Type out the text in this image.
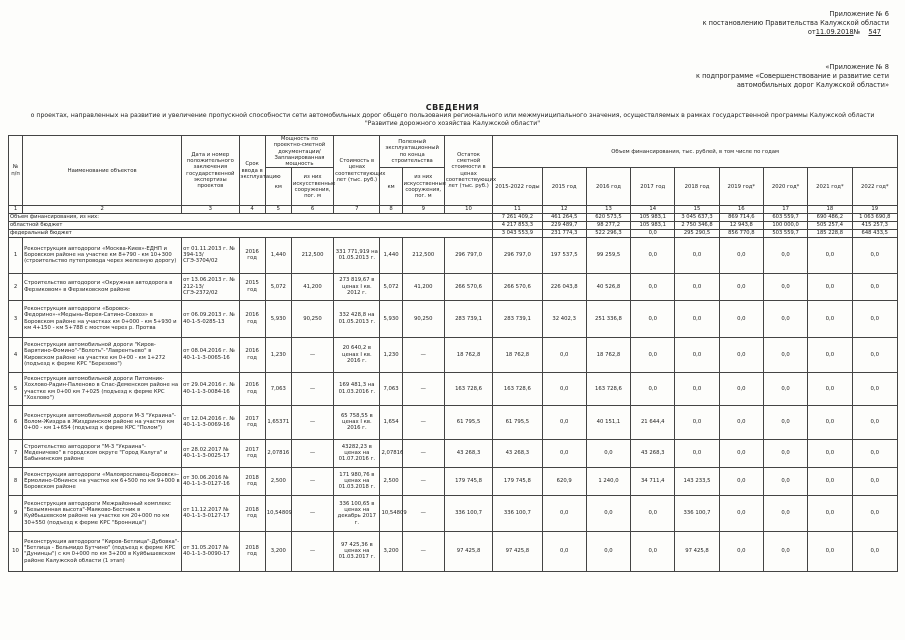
Приложение № 6
к постановлению Правительства Калужской области
от11.09.2018№ 547
«Приложение № 8
к подпрограмме «Совершенствование и развитие сети
автомобильных дорог Калужской области»
СВЕДЕНИЯ
о проектах, направленных на развитие и увеличение пропускной способности сети автомобильных дорог общего пользования регионального или межмуниципального значения, осуществляемых в рамках государственной программы Калужской области
"Развитие дорожного хозяйства Калужской области"
№ п/п	Наименование объектов	Дата и номер положительного заключения государственной экспертизы проектов	Срок ввода в эксплуатацию	Мощность по проектно-сметной документации/ Запланированная мощность		Стоимость в ценах соответствующих лет (тыс. руб.)	Полезный эксплуатационный по конца строительства		Остаток сметной стоимости в ценах соответствующих лет (тыс. руб.)	Объем финансирования, тыс. рублей, в том числе по годам								
				км	из них искусственные сооружения, пог. м		км	из них искусственные сооружения, пог. м		2015-2022 годы	2015 год	2016 год	2017 год	2018 год	2019 год*	2020 год*	2021 год*	2022 год*
1	2	3	4	5	6	7	8	9	10	11	12	13	14	15	16	17	18	19
Объем финансирования, из них:										7 261 409,2	461 264,5	620 573,5	105 983,1	3 045 637,3	869 714,6	603 559,7	690 486,2	1 063 690,8
областной бюджет										4 217 853,3	229 489,7	98 277,2	105 983,1	2 750 346,8	12 943,8	100 000,0	505 257,4	415 257,3
федеральный бюджет										3 043 553,9	231 774,3	522 296,3	0,0	295 290,5	856 770,8	503 559,7	185 228,8	648 433,5
1	Реконструкция автодороги «Москва-Киев»-ЕДНП и Боровском районе на участке км 8+790 - км 10+300 (строительство путепровода через железную дорогу)	от 01.11.2013 г. № 394-13/СГЭ-3704/02	2016 год	1,440	212,500	331 771,919 на 01.05.2013 г.	1,440	212,500	296 797,0	296 797,0	197 537,5	99 259,5	0,0	0,0	0,0	0,0	0,0	0,0
2	Строительство автодороги «Окружная автодорога в Ферзиковом» в Ферзиковском районе	от 13.06.2013 г. № 212-13/СГЭ-2372/02	2015 год	5,072	41,200	273 819,67 в ценах I кв. 2012 г.	5,072	41,200	266 570,6	266 570,6	226 043,8	40 526,8	0,0	0,0	0,0	0,0	0,0	0,0
3	Реконструкция автодороги «Боровск-Федорино»-«Медынь-Верея-Сатино-Совхоз» в Боровском районе на участках км 0+000 - км 5+930 и км 4+150 - км 5+788 с мостом через р. Протва	от 06.09.2013 г. № 40-1-5-0285-13	2016 год	5,930	90,250	332 428,8 на 01.05.2013 г.	5,930	90,250	283 739,1	283 739,1	32 402,3	251 336,8	0,0	0,0	0,0	0,0	0,0	0,0
4	Реконструкция автомобильной дороги "Киров-Барятино-Фомино"-"Волоть"-"Лаврентьево" в Кировском районе на участке км 0+00 - км 1+272 (подъезд к ферме КРС "Березово")	от 08.04.2016 г. № 40-1-1-3-0065-16	2016 год	1,230	—	20 640,2 в ценах I кв. 2016 г.	1,230	—	18 762,8	18 762,8	0,0	18 762,8	0,0	0,0	0,0	0,0	0,0	0,0
5	Реконструкция автомобильной дороги Питомник-Хохлово-Радин-Паленово в Спас-Деменском районе на участке км 0+00 км 7+025 (подъезд к ферме КРС "Хохлово")	от 29.04.2016 г. № 40-1-1-3-0084-16	2016 год	7,063	—	169 481,3 на 01.03.2016 г.	7,063	—	163 728,6	163 728,6	0,0	163 728,6	0,0	0,0	0,0	0,0	0,0	0,0
6	Реконструкция автомобильной дороги М-3 "Украина"-Волом-Жиздра в Жиздринском районе на участке км 0+00 - км 1+654 (подъезд к ферме КРС "Полом")	от 12.04.2016 г. № 40-1-1-3-0069-16	2017 год	1,65371	—	65 758,55 в ценах I кв. 2016 г.	1,654	—	61 795,5	61 795,5	0,0	40 151,1	21 644,4	0,0	0,0	0,0	0,0	0,0
7	Строительство автодороги "М-3 "Украина"-Меденичево" в городском округе "Город Калуга" и Бабынинском районе	от 28.02.2017 № 40-1-1-3-0025-17	2017 год	2,07816	—	43282,23 в ценах на 01.07.2016 г.	2,07816	—	43 268,3	43 268,3	0,0	0,0	43 268,3	0,0	0,0	0,0	0,0	0,0
8	Реконструкция автодороги «Малоярославец-Боровск»-Ермолино-Обнинск на участке км 6+500 по км 9+000 в Боровском районе	от 30.06.2016 № 40-1-1-3-0127-16	2018 год	2,500	—	171 980,76 в ценах на 01.03.2018 г.	2,500	—	179 745,8	179 745,8	620,9	1 240,0	34 711,4	143 233,5	0,0	0,0	0,0	0,0
9	Реконструкция автодороги Межрайонный комплекс "Безымянная высота"-Маяково-Бестник в Куйбышевском районе на участке км 20+000 по км 30+550 (подъезд к ферме КРС "Бронница")	от 11.12.2017 № 40-1-1-3-0127-17	2018 год	10,54809	—	336 100,65 в ценах на декабрь 2017 г.	10,54809	—	336 100,7	336 100,7	0,0	0,0	0,0	336 100,7	0,0	0,0	0,0	0,0
10	Реконструкция автодороги "Киров-Бетлица"-Дубовка"-"Бетлица - Вельмидо Бутчино" (подъезд к ферме КРС "Дунинцы") с км 0+000 по км 3+200 в Куйбышевском районе Калужской области (1 этап)	от 31.05.2017 № 40-1-1-3-0090-17	2018 год	3,200	—	97 425,36 в ценах на 01.03.2017 г.	3,200	—	97 425,8	97 425,8	0,0	0,0	0,0	97 425,8	0,0	0,0	0,0	0,0
